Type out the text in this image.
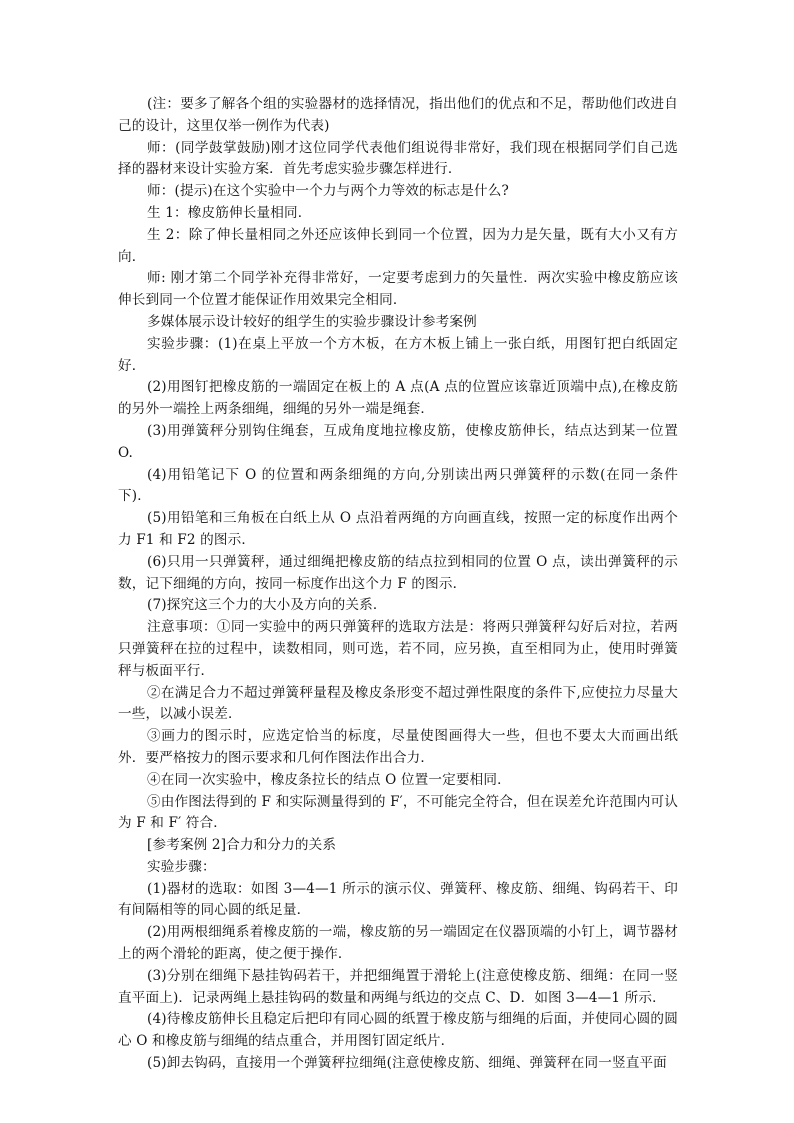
(注：要多了解各个组的实验器材的选择情况，指出他们的优点和不足，帮助他们改进自己的设计，这里仅举一例作为代表)

师：(同学鼓掌鼓励)刚才这位同学代表他们组说得非常好，我们现在根据同学们自己选择的器材来设计实验方案．首先考虑实验步骤怎样进行．

师：(提示)在这个实验中一个力与两个力等效的标志是什么?

生 1：橡皮筋伸长量相同．

生 2：除了伸长量相同之外还应该伸长到同一个位置，因为力是矢量，既有大小又有方向．

师: 刚才第二个同学补充得非常好，一定要考虑到力的矢量性．两次实验中橡皮筋应该伸长到同一个位置才能保证作用效果完全相同．

多媒体展示设计较好的组学生的实验步骤设计参考案例

实验步骤：(1)在桌上平放一个方木板，在方木板上铺上一张白纸，用图钉把白纸固定好．

(2)用图钉把橡皮筋的一端固定在板上的 A 点(A 点的位置应该靠近顶端中点),在橡皮筋的另外一端拴上两条细绳，细绳的另外一端是绳套．

(3)用弹簧秤分别钩住绳套，互成角度地拉橡皮筋，使橡皮筋伸长，结点达到某一位置 O.

(4)用铅笔记下 O 的位置和两条细绳的方向,分别读出两只弹簧秤的示数(在同一条件下)．

(5)用铅笔和三角板在白纸上从 O 点沿着两绳的方向画直线，按照一定的标度作出两个力 F1 和 F2 的图示．

(6)只用一只弹簧秤，通过细绳把橡皮筋的结点拉到相同的位置 O 点，读出弹簧秤的示数，记下细绳的方向，按同一标度作出这个力 F 的图示．

(7)探究这三个力的大小及方向的关系．

注意事项：①同一实验中的两只弹簧秤的选取方法是：将两只弹簧秤勾好后对拉，若两只弹簧秤在拉的过程中，读数相同，则可选，若不同，应另换，直至相同为止，使用时弹簧秤与板面平行．

②在满足合力不超过弹簧秤量程及橡皮条形变不超过弹性限度的条件下,应使拉力尽量大一些，以减小误差．

③画力的图示时，应选定恰当的标度，尽量使图画得大一些，但也不要太大而画出纸外．要严格按力的图示要求和几何作图法作出合力．

④在同一次实验中，橡皮条拉长的结点 O 位置一定要相同．

⑤由作图法得到的 F 和实际测量得到的 F′，不可能完全符合，但在误差允许范围内可认为 F 和 F′ 符合．

[参考案例 2]合力和分力的关系

实验步骤：

(1)器材的选取：如图 3—4—1 所示的演示仪、弹簧秤、橡皮筋、细绳、钩码若干、印有间隔相等的同心圆的纸足量．

(2)用两根细绳系着橡皮筋的一端，橡皮筋的另一端固定在仪器顶端的小钉上，调节器材上的两个滑轮的距离，使之便于操作．

(3)分别在细绳下悬挂钩码若干，并把细绳置于滑轮上(注意使橡皮筋、细绳：在同一竖直平面上)．记录两绳上悬挂钩码的数量和两绳与纸边的交点 C、D．如图 3—4—1 所示．

(4)待橡皮筋伸长且稳定后把印有同心圆的纸置于橡皮筋与细绳的后面，并使同心圆的圆心 O 和橡皮筋与细绳的结点重合，并用图钉固定纸片．

(5)卸去钩码，直接用一个弹簧秤拉细绳(注意使橡皮筋、细绳、弹簧秤在同一竖直平面
